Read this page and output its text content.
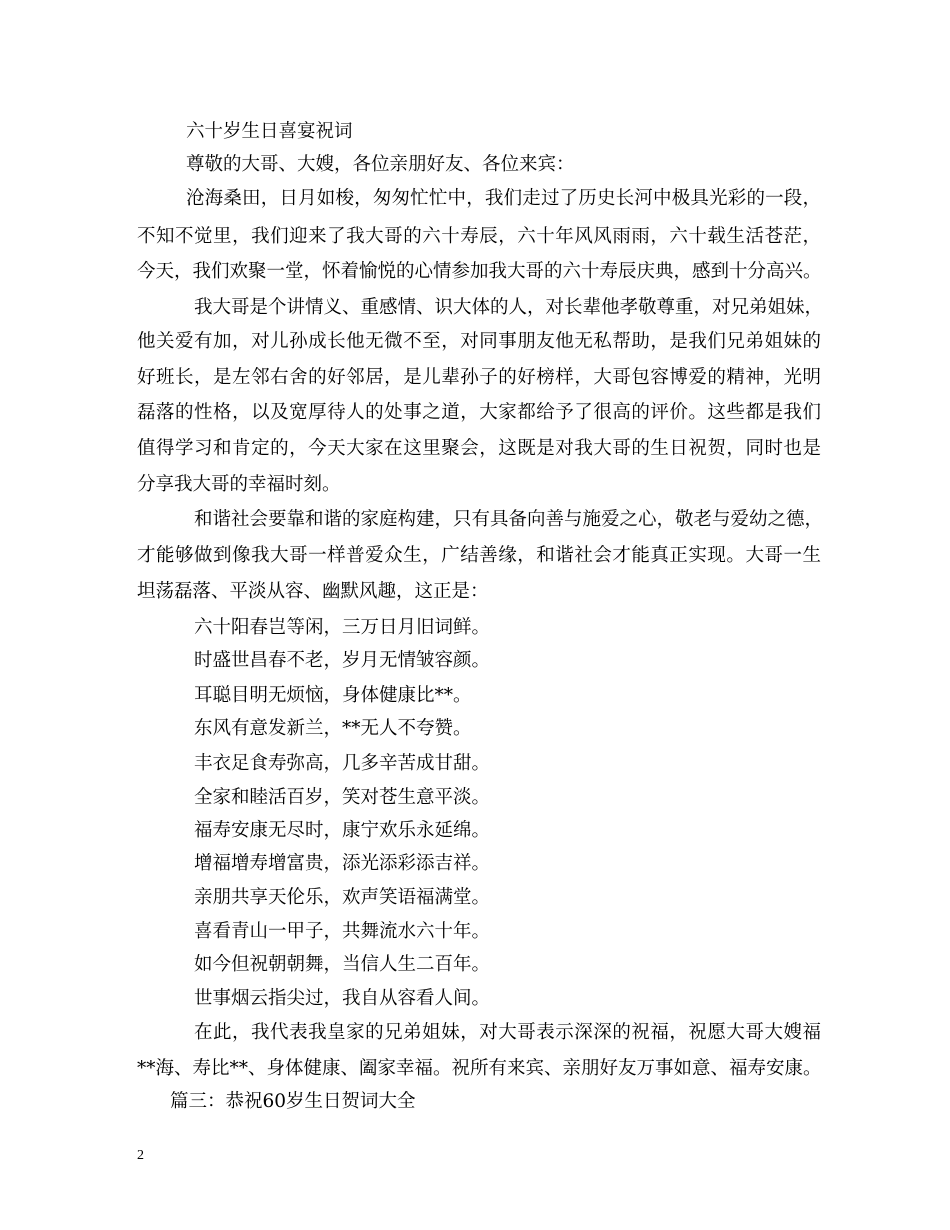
六十岁生日喜宴祝词
尊敬的大哥、大嫂，各位亲朋好友、各位来宾：
沧海桑田，日月如梭，匆匆忙忙中，我们走过了历史长河中极具光彩的一段，
不知不觉里，我们迎来了我大哥的六十寿辰，六十年风风雨雨，六十载生活苍茫，
今天，我们欢聚一堂，怀着愉悦的心情参加我大哥的六十寿辰庆典，感到十分高兴。
我大哥是个讲情义、重感情、识大体的人，对长辈他孝敬尊重，对兄弟姐妹，
他关爱有加，对儿孙成长他无微不至，对同事朋友他无私帮助，是我们兄弟姐妹的
好班长，是左邻右舍的好邻居，是儿辈孙子的好榜样，大哥包容博爱的精神，光明
磊落的性格，以及宽厚待人的处事之道，大家都给予了很高的评价。这些都是我们
值得学习和肯定的，今天大家在这里聚会，这既是对我大哥的生日祝贺，同时也是
分享我大哥的幸福时刻。
和谐社会要靠和谐的家庭构建，只有具备向善与施爱之心，敬老与爱幼之德，
才能够做到像我大哥一样普爱众生，广结善缘，和谐社会才能真正实现。大哥一生
坦荡磊落、平淡从容、幽默风趣，这正是：
六十阳春岂等闲，三万日月旧词鲜。
时盛世昌春不老，岁月无情皱容颜。
耳聪目明无烦恼，身体健康比**。
东风有意发新兰，**无人不夸赞。
丰衣足食寿弥高，几多辛苦成甘甜。
全家和睦活百岁，笑对苍生意平淡。
福寿安康无尽时，康宁欢乐永延绵。
增福增寿增富贵，添光添彩添吉祥。
亲朋共享天伦乐，欢声笑语福满堂。
喜看青山一甲子，共舞流水六十年。
如今但祝朝朝舞，当信人生二百年。
世事烟云指尖过，我自从容看人间。
在此，我代表我皇家的兄弟姐妹，对大哥表示深深的祝福，祝愿大哥大嫂福
**海、寿比**、身体健康、阖家幸福。祝所有来宾、亲朋好友万事如意、福寿安康。
篇三：恭祝60岁生日贺词大全
2
